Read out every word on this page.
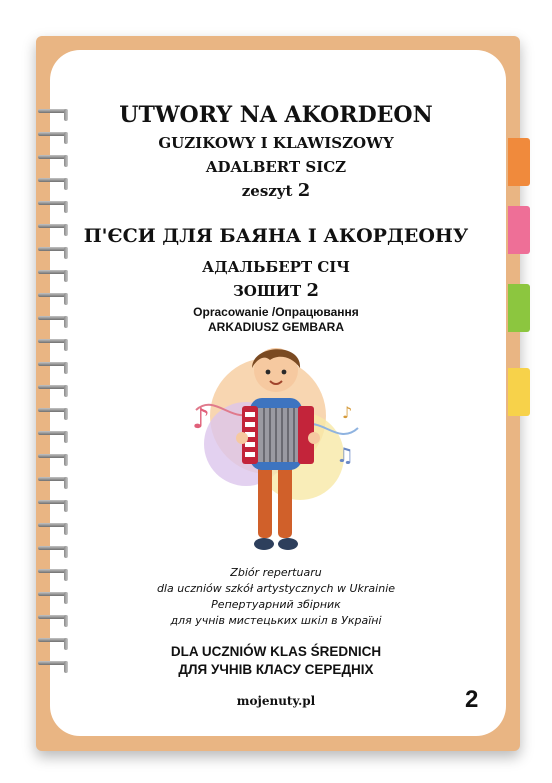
UTWORY NA AKORDEON
GUZIKOWY I KLAWISZOWY
ADALBERT SICZ
zeszyt 2
П'ЄСИ ДЛЯ БАЯНА І АКОРДЕОНУ
АДАЛЬБЕРТ СІЧ
ЗОШИТ 2
Opracowanie /Опрацювання
ARKADIUSZ GEMBARA
♪
♫
♪
Zbiór repertuaru
dla uczniów szkół artystycznych w Ukrainie
Репертуарний збірник
для учнів мистецьких шкіл в Україні
DLA UCZNIÓW KLAS ŚREDNICH
ДЛЯ УЧНІВ КЛАСУ СЕРЕДНІХ
mojenuty.pl	2
